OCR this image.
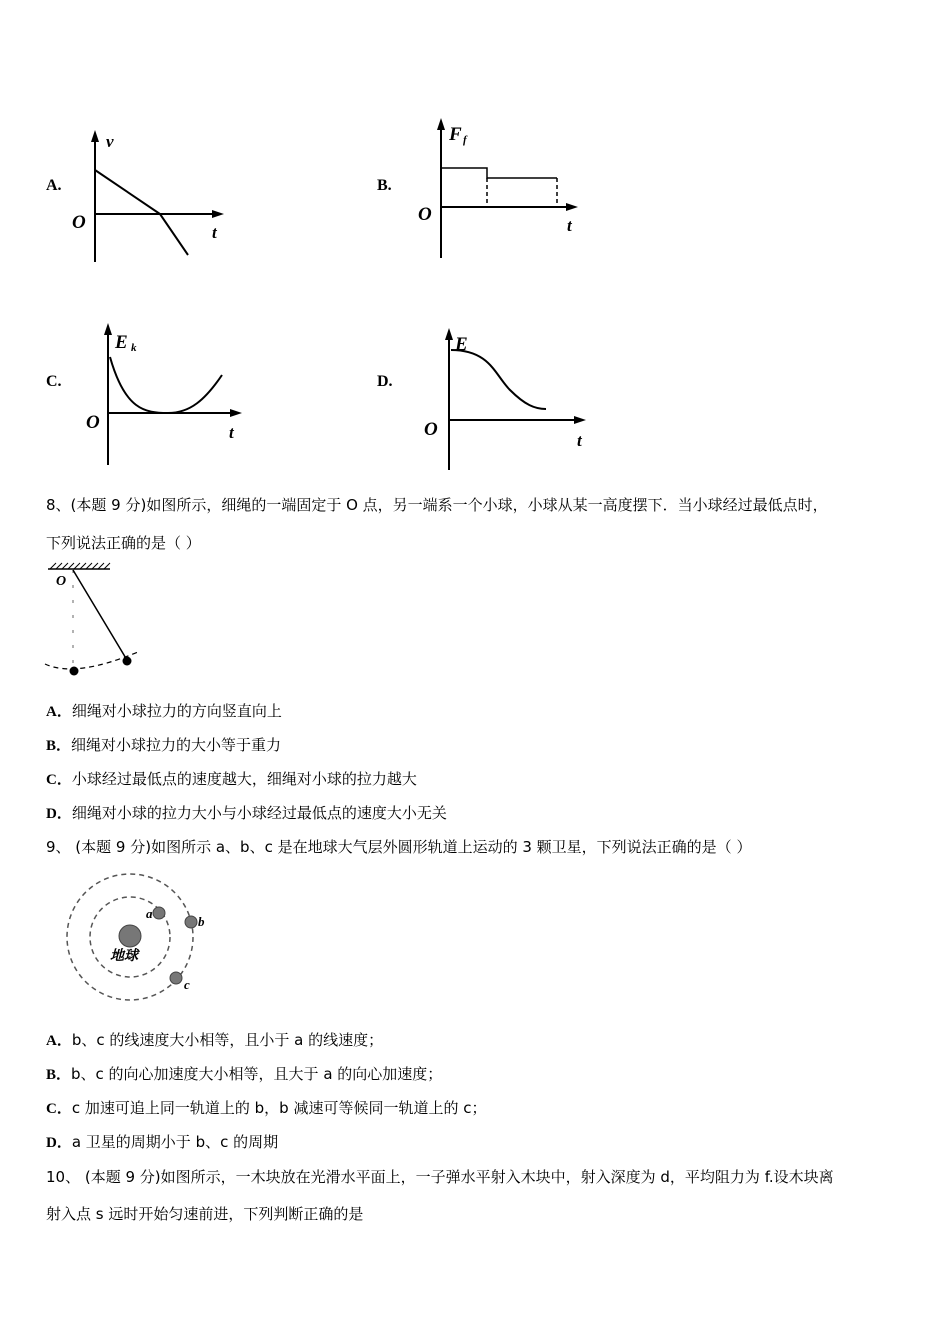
A.
v
O	t
B.
F f
O
t
C.
E k
O	t
D.
E
O
t
8、(本题 9 分)如图所示，细绳的一端固定于 O 点，另一端系一个小球，小球从某一高度摆下．当小球经过最低点时，
下列说法正确的是（ ）
O
A．细绳对小球拉力的方向竖直向上
B．细绳对小球拉力的大小等于重力
C．小球经过最低点的速度越大，细绳对小球的拉力越大
D．细绳对小球的拉力大小与小球经过最低点的速度大小无关
9、 (本题 9 分)如图所示 a、b、c 是在地球大气层外圆形轨道上运动的 3 颗卫星，下列说法正确的是（ ）
地球
a
b
c
A．b、c 的线速度大小相等，且小于 a 的线速度；
B．b、c 的向心加速度大小相等，且大于 a 的向心加速度；
C．c 加速可追上同一轨道上的 b，b 减速可等候同一轨道上的 c；
D．a 卫星的周期小于 b、c 的周期
10、 (本题 9 分)如图所示，一木块放在光滑水平面上，一子弹水平射入木块中，射入深度为 d，平均阻力为 f.设木块离
射入点 s 远时开始匀速前进，下列判断正确的是
